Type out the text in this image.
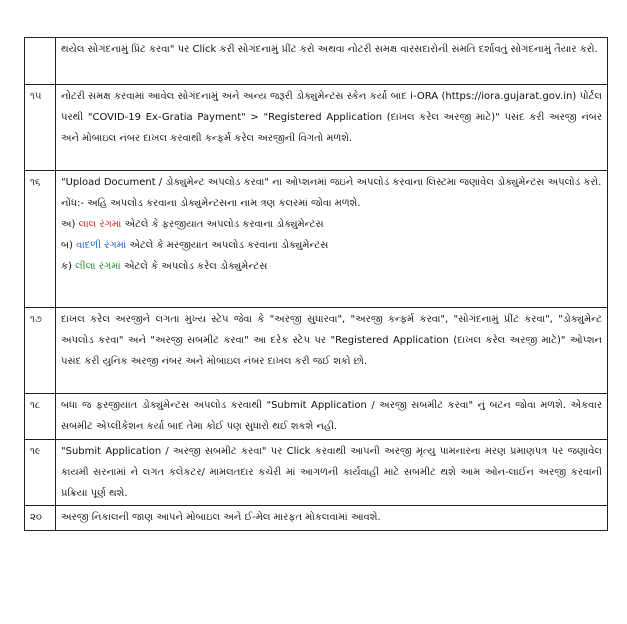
	થયેલ સોગંદનામું પ્રિંટ કરવા" પર Click કરી સોગંદનામું પ્રીંટ કરો અથવા નોટરી સમક્ષ વારસદારોની સંમતિ દર્શાવતું સોગંદનામું તૈયાર કરો.

૧૫	નોટરી સમક્ષ કરવામાં આવેલ સોગંદનામું અને અન્ય જરૂરી ડોક્યુમેન્ટસ સ્કેન કર્યા બાદ i-ORA (https://iora.gujarat.gov.in) પોર્ટલ પરથી "COVID-19 Ex-Gratia Payment" > "Registered Application (દાખલ કરેલ અરજી માટે)" પસંદ કરી અરજી નંબર અને મોબાઇલ નંબર દાખલ કરવાથી કન્ફર્મ કરેલ અરજીની વિગતો મળશે.

૧૬	"Upload Document / ડોક્યુમેન્ટ અપલોડ કરવા" ના ઓપ્શનમાં જઇને અપલોડ કરવાના લિસ્ટમા જણાવેલ ડોક્યુમેન્ટસ અપલોડ કરો.
નોંધ:- અહિ અપલોડ કરવાના ડોક્યુમેન્ટસના નામ ત્રણ કલરમાં જોવા મળશે.
અ) લાલ રંગમાં એટલે કે ફરજીયાત અપલોડ કરવાના ડોક્યુમેન્ટસ
બ) વાદળી રંગમાં એટલે કે મરજીયાત અપલોડ કરવાના ડોક્યુમેન્ટસ
ક) લીલા રંગમાં એટલે કે અપલોડ કરેલ ડોક્યુમેન્ટસ

૧૭	દાખલ કરેલ અરજીને લગતા મુખ્ય સ્ટેપ જેવા કે "અરજી સુધારવા", "અરજી કન્ફર્મ કરવા", "સોગંદનામું પ્રીંટ કરવા", "ડોક્યુમેન્ટ અપલોડ કરવા" અને "અરજી સબમીટ કરવા" આ દરેક સ્ટેપ પર "Registered Application (દાખલ કરેલ અરજી માટે)" ઓપ્શન પસંદ કરી યુનિક અરજી નંબર અને મોબાઇલ નંબર દાખલ કરી જઈ શકો છો.

૧૮	બધા જ ફરજીયાત ડોક્યુમેન્ટસ અપલોડ કરવાથી "Submit Application / અરજી સબમીટ કરવા" નું બટન જોવા મળશે. એકવાર સબમીટ એપ્લીકેશન કર્યા બાદ તેમા કોઈ પણ સુધારો થઈ શકશે નહી.

૧૯	"Submit Application / અરજી સબમીટ કરવા" પર Click કરવાથી આપની અરજી મૃત્યુ પામનારના મરણ પ્રમાણપત્ર પર જણાવેલ કાયમી સરનામાં ને લગત કલેકટર/ મામલતદાર કચેરી માં આગળની કાર્યવાહી માટે સબમીટ થશે આમ ઓન-લાઈન અરજી કરવાની પ્રક્રિયા પૂર્ણ થશે.

૨૦	અરજી નિકાલની જાણ આપને મોબાઇલ અને ઈ-મેલ મારફત મોકલવામાં આવશે.
